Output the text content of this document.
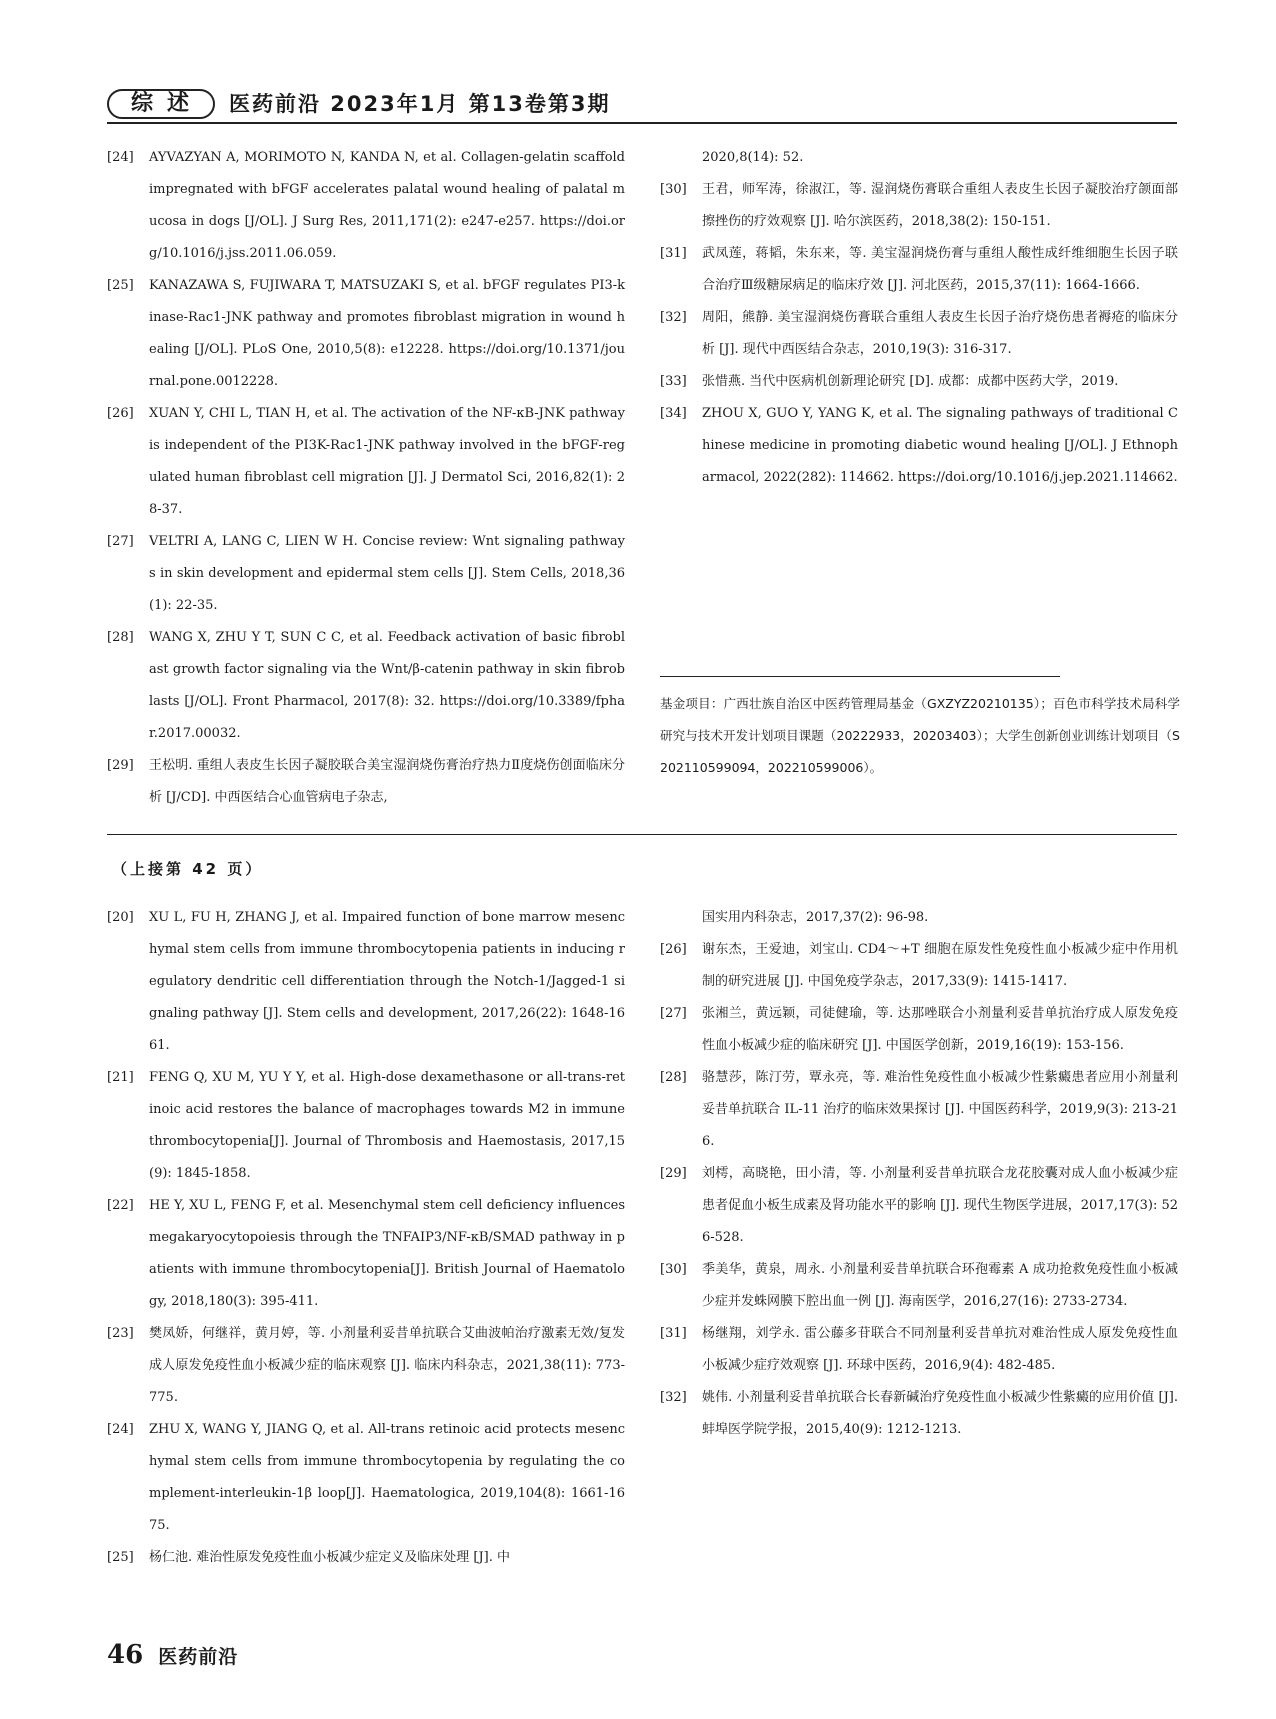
综述	医药前沿 2023年1月 第13卷第3期
[24] AYVAZYAN A, MORIMOTO N, KANDA N, et al. Collagen-gelatin scaffold impregnated with bFGF accelerates palatal wound healing of palatal mucosa in dogs [J/OL]. J Surg Res, 2011,171(2): e247-e257. https://doi.org/10.1016/j.jss.2011.06.059.
[25] KANAZAWA S, FUJIWARA T, MATSUZAKI S, et al. bFGF regulates PI3-kinase-Rac1-JNK pathway and promotes fibroblast migration in wound healing [J/OL]. PLoS One, 2010,5(8): e12228. https://doi.org/10.1371/journal.pone.0012228.
[26] XUAN Y, CHI L, TIAN H, et al. The activation of the NF-κB-JNK pathway is independent of the PI3K-Rac1-JNK pathway involved in the bFGF-regulated human fibroblast cell migration [J]. J Dermatol Sci, 2016,82(1): 28-37.
[27] VELTRI A, LANG C, LIEN W H. Concise review: Wnt signaling pathways in skin development and epidermal stem cells [J]. Stem Cells, 2018,36(1): 22-35.
[28] WANG X, ZHU Y T, SUN C C, et al. Feedback activation of basic fibroblast growth factor signaling via the Wnt/β-catenin pathway in skin fibroblasts [J/OL]. Front Pharmacol, 2017(8): 32. https://doi.org/10.3389/fphar.2017.00032.
[29] 王松明. 重组人表皮生长因子凝胶联合美宝湿润烧伤膏治疗热力Ⅱ度烧伤创面临床分析 [J/CD]. 中西医结合心血管病电子杂志,
2020,8(14): 52.
[30] 王君，师军涛，徐淑江，等. 湿润烧伤膏联合重组人表皮生长因子凝胶治疗颌面部擦挫伤的疗效观察 [J]. 哈尔滨医药，2018,38(2): 150-151.
[31] 武凤莲，蒋韬，朱东来，等. 美宝湿润烧伤膏与重组人酸性成纤维细胞生长因子联合治疗Ⅲ级糖尿病足的临床疗效 [J]. 河北医药，2015,37(11): 1664-1666.
[32] 周阳，熊静. 美宝湿润烧伤膏联合重组人表皮生长因子治疗烧伤患者褥疮的临床分析 [J]. 现代中西医结合杂志，2010,19(3): 316-317.
[33] 张惜燕. 当代中医病机创新理论研究 [D]. 成都：成都中医药大学，2019.
[34] ZHOU X, GUO Y, YANG K, et al. The signaling pathways of traditional Chinese medicine in promoting diabetic wound healing [J/OL]. J Ethnopharmacol, 2022(282): 114662. https://doi.org/10.1016/j.jep.2021.114662.
基金项目：广西壮族自治区中医药管理局基金（GXZYZ20210135）；百色市科学技术局科学研究与技术开发计划项目课题（20222933，20203403）；大学生创新创业训练计划项目（S202110599094，202210599006）。
（上接第 42 页）
[20] XU L, FU H, ZHANG J, et al. Impaired function of bone marrow mesenchymal stem cells from immune thrombocytopenia patients in inducing regulatory dendritic cell differentiation through the Notch-1/Jagged-1 signaling pathway [J]. Stem cells and development, 2017,26(22): 1648-1661.
[21] FENG Q, XU M, YU Y Y, et al. High-dose dexamethasone or all-trans-retinoic acid restores the balance of macrophages towards M2 in immune thrombocytopenia[J]. Journal of Thrombosis and Haemostasis, 2017,15(9): 1845-1858.
[22] HE Y, XU L, FENG F, et al. Mesenchymal stem cell deficiency influences megakaryocytopoiesis through the TNFAIP3/NF-κB/SMAD pathway in patients with immune thrombocytopenia[J]. British Journal of Haematology, 2018,180(3): 395-411.
[23] 樊凤娇，何继祥，黄月婷，等. 小剂量利妥昔单抗联合艾曲波帕治疗激素无效/复发成人原发免疫性血小板减少症的临床观察 [J]. 临床内科杂志，2021,38(11): 773-775.
[24] ZHU X, WANG Y, JIANG Q, et al. All-trans retinoic acid protects mesenchymal stem cells from immune thrombocytopenia by regulating the complement-interleukin-1β loop[J]. Haematologica, 2019,104(8): 1661-1675.
[25] 杨仁池. 难治性原发免疫性血小板减少症定义及临床处理 [J]. 中
国实用内科杂志，2017,37(2): 96-98.
[26] 谢东杰，王爱迪，刘宝山. CD4～+T 细胞在原发性免疫性血小板减少症中作用机制的研究进展 [J]. 中国免疫学杂志，2017,33(9): 1415-1417.
[27] 张湘兰，黄远颖，司徒健瑜，等. 达那唑联合小剂量利妥昔单抗治疗成人原发免疫性血小板减少症的临床研究 [J]. 中国医学创新，2019,16(19): 153-156.
[28] 骆慧莎，陈汀劳，覃永亮，等. 难治性免疫性血小板减少性紫癜患者应用小剂量利妥昔单抗联合 IL-11 治疗的临床效果探讨 [J]. 中国医药科学，2019,9(3): 213-216.
[29] 刘樗，高晓艳，田小清，等. 小剂量利妥昔单抗联合龙花胶囊对成人血小板减少症患者促血小板生成素及肾功能水平的影响 [J]. 现代生物医学进展，2017,17(3): 526-528.
[30] 季美华，黄泉，周永. 小剂量利妥昔单抗联合环孢霉素 A 成功抢救免疫性血小板减少症并发蛛网膜下腔出血一例 [J]. 海南医学，2016,27(16): 2733-2734.
[31] 杨继翔，刘学永. 雷公藤多苷联合不同剂量利妥昔单抗对难治性成人原发免疫性血小板减少症疗效观察 [J]. 环球中医药，2016,9(4): 482-485.
[32] 姚伟. 小剂量利妥昔单抗联合长春新碱治疗免疫性血小板减少性紫癜的应用价值 [J]. 蚌埠医学院学报，2015,40(9): 1212-1213.
46 医药前沿
